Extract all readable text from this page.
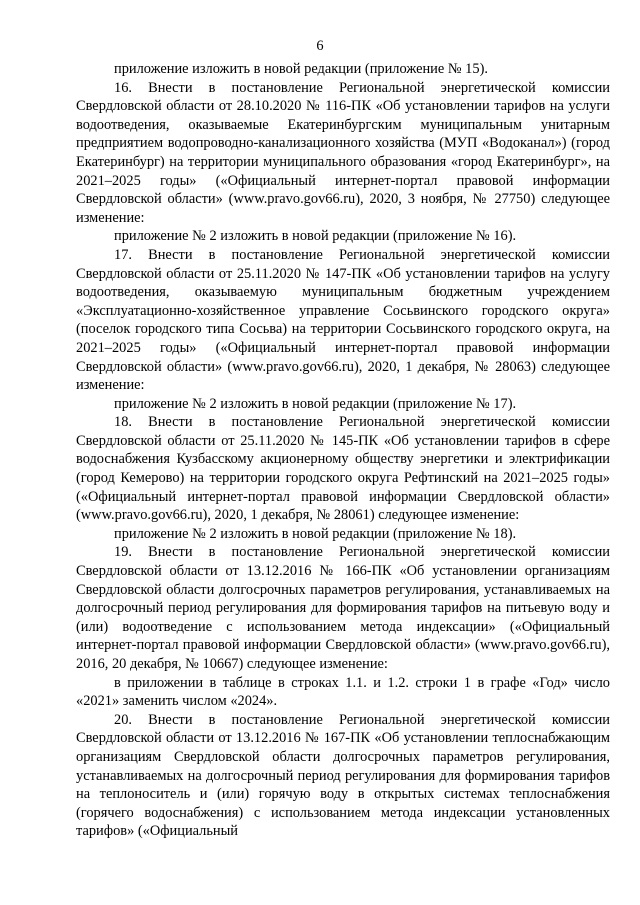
6

приложение изложить в новой редакции (приложение № 15).

16. Внести в постановление Региональной энергетической комиссии Свердловской области от 28.10.2020 № 116-ПК «Об установлении тарифов на услуги водоотведения, оказываемые Екатеринбургским муниципальным унитарным предприятием водопроводно-канализационного хозяйства (МУП «Водоканал») (город Екатеринбург) на территории муниципального образования «город Екатеринбург», на 2021–2025 годы» («Официальный интернет-портал правовой информации Свердловской области» (www.pravo.gov66.ru), 2020, 3 ноября, № 27750) следующее изменение:

приложение № 2 изложить в новой редакции (приложение № 16).

17. Внести в постановление Региональной энергетической комиссии Свердловской области от 25.11.2020 № 147-ПК «Об установлении тарифов на услугу водоотведения, оказываемую муниципальным бюджетным учреждением «Эксплуатационно-хозяйственное управление Сосьвинского городского округа» (поселок городского типа Сосьва) на территории Сосьвинского городского округа, на 2021–2025 годы» («Официальный интернет-портал правовой информации Свердловской области» (www.pravo.gov66.ru), 2020, 1 декабря, № 28063) следующее изменение:

приложение № 2 изложить в новой редакции (приложение № 17).

18. Внести в постановление Региональной энергетической комиссии Свердловской области от 25.11.2020 № 145-ПК «Об установлении тарифов в сфере водоснабжения Кузбасскому акционерному обществу энергетики и электрификации (город Кемерово) на территории городского округа Рефтинский на 2021–2025 годы» («Официальный интернет-портал правовой информации Свердловской области» (www.pravo.gov66.ru), 2020, 1 декабря, № 28061) следующее изменение:

приложение № 2 изложить в новой редакции (приложение № 18).

19. Внести в постановление Региональной энергетической комиссии Свердловской области от 13.12.2016 № 166-ПК «Об установлении организациям Свердловской области долгосрочных параметров регулирования, устанавливаемых на долгосрочный период регулирования для формирования тарифов на питьевую воду и (или) водоотведение с использованием метода индексации» («Официальный интернет-портал правовой информации Свердловской области» (www.pravo.gov66.ru), 2016, 20 декабря, № 10667) следующее изменение:

в приложении в таблице в строках 1.1. и 1.2. строки 1 в графе «Год» число «2021» заменить числом «2024».

20. Внести в постановление Региональной энергетической комиссии Свердловской области от 13.12.2016 № 167-ПК «Об установлении теплоснабжающим организациям Свердловской области долгосрочных параметров регулирования, устанавливаемых на долгосрочный период регулирования для формирования тарифов на теплоноситель и (или) горячую воду в открытых системах теплоснабжения (горячего водоснабжения) с использованием метода индексации установленных тарифов» («Официальный
